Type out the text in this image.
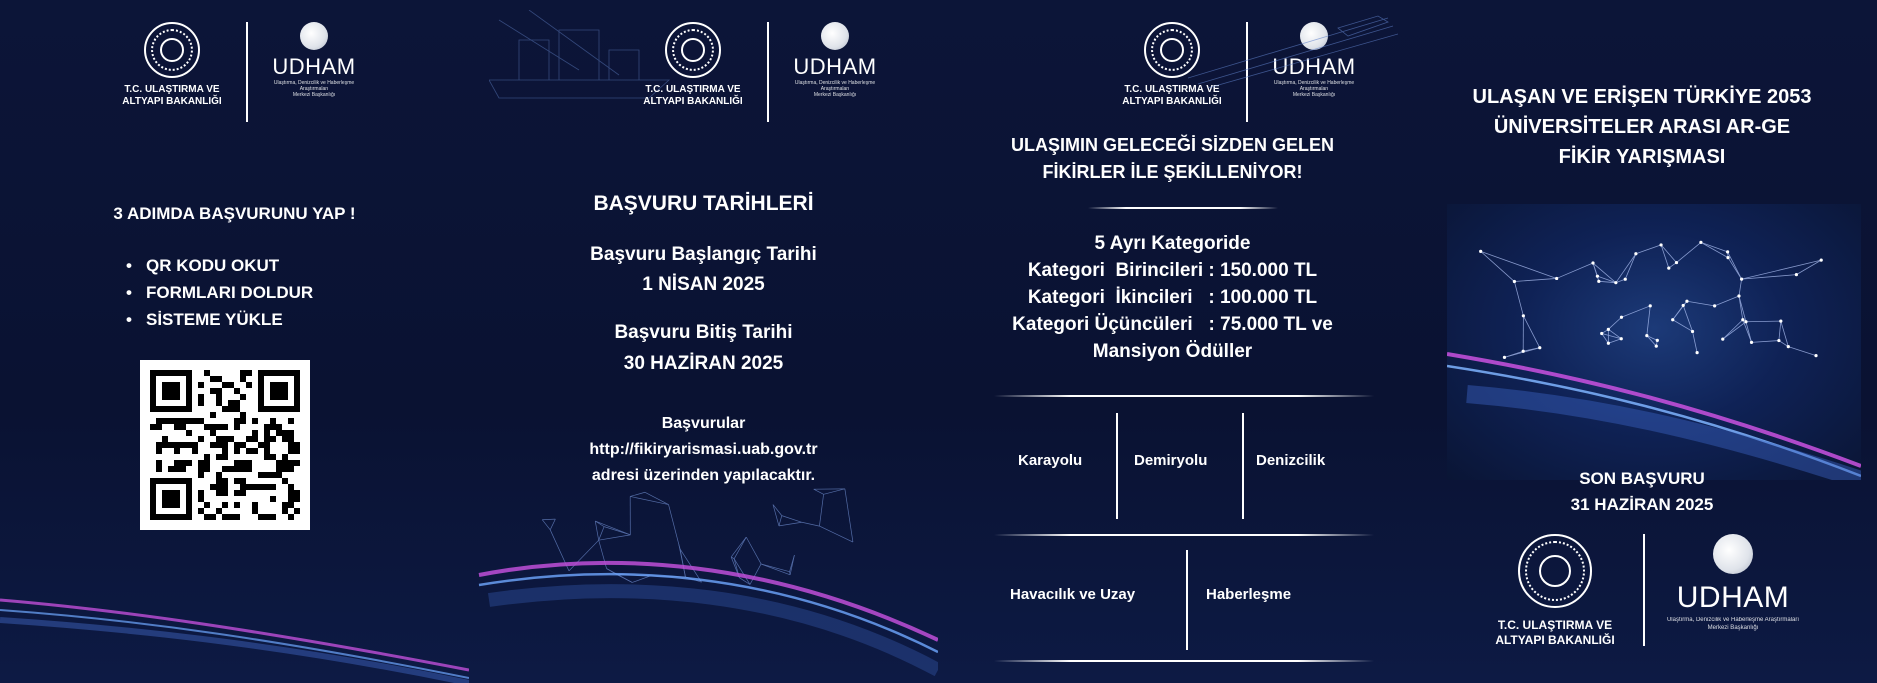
T.C. ULAŞTIRMA VE
ALTYAPI BAKANLIĞI
UDHAM
Ulaştırma, Denizcilik ve Haberleşme Araştırmaları
Merkezi Başkanlığı
3 ADIMDA BAŞVURUNU YAP !
• QR KODU OKUT
• FORMLARI DOLDUR
• SİSTEME YÜKLE
T.C. ULAŞTIRMA VE
ALTYAPI BAKANLIĞI
UDHAM
Ulaştırma, Denizcilik ve Haberleşme Araştırmaları
Merkezi Başkanlığı
BAŞVURU TARİHLERİ
Başvuru Başlangıç Tarihi
1 NİSAN 2025
Başvuru Bitiş Tarihi
30 HAZİRAN 2025
Başvurular
http://fikiryarismasi.uab.gov.tr
adresi üzerinden yapılacaktır.
T.C. ULAŞTIRMA VE
ALTYAPI BAKANLIĞI
UDHAM
Ulaştırma, Denizcilik ve Haberleşme Araştırmaları
Merkezi Başkanlığı
ULAŞIMIN GELECEĞİ SİZDEN GELEN
FİKİRLER İLE ŞEKİLLENİYOR!
5 Ayrı Kategoride
Kategori  Birincileri : 150.000 TL
Kategori  İkincileri   : 100.000 TL
Kategori Üçüncüleri   : 75.000 TL ve
Mansiyon Ödüller
Karayolu	Demiryolu	Denizcilik
Havacılık ve Uzay	Haberleşme
ULAŞAN VE ERİŞEN TÜRKİYE 2053
ÜNİVERSİTELER ARASI AR-GE
FİKİR YARIŞMASI
SON BAŞVURU
31 HAZİRAN 2025
T.C. ULAŞTIRMA VE
ALTYAPI BAKANLIĞI
UDHAM
Ulaştırma, Denizcilik ve Haberleşme Araştırmaları
Merkezi Başkanlığı
